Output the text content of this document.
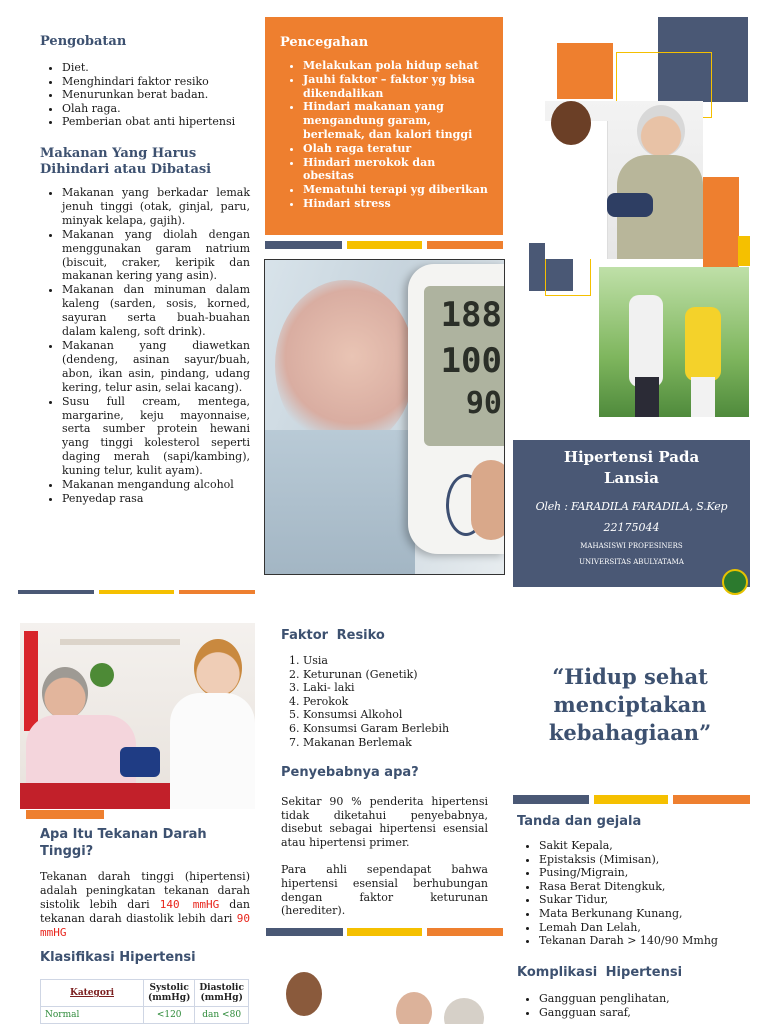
Pengobatan
• Diet.
• Menghindari faktor resiko
• Menurunkan berat badan.
• Olah raga.
• Pemberian obat anti hipertensi
Makanan Yang Harus
Dihindari atau Dibatasi
• Makanan yang berkadar lemak jenuh tinggi (otak, ginjal, paru, minyak kelapa, gajih).
• Makanan yang diolah dengan menggunakan garam natrium (biscuit, craker, keripik dan makanan kering yang asin).
• Makanan dan minuman dalam kaleng (sarden, sosis, korned, sayuran serta buah-buahan dalam kaleng, soft drink).
• Makanan yang diawetkan (dendeng, asinan sayur/buah, abon, ikan asin, pindang, udang kering, telur asin, selai kacang).
• Susu full cream, mentega, margarine, keju mayonnaise, serta sumber protein hewani yang tinggi kolesterol seperti daging merah (sapi/kambing), kuning telur, kulit ayam).
• Makanan mengandung alcohol
• Penyedap rasa
Pencegahan
• Melakukan pola hidup sehat
• Jauhi faktor – faktor yg bisa dikendalikan
• Hindari makanan yang mengandung garam, berlemak, dan kalori tinggi
• Olah raga teratur
• Hindari merokok dan obesitas
• Mematuhi terapi yg diberikan
• Hindari stress
188
100
90
Hipertensi Pada
Lansia
Oleh : FARADILA FARADILA, S.Kep
22175044
MAHASISWI PROFESINERS
UNIVERSITAS ABULYATAMA
Apa Itu Tekanan Darah
Tinggi?

Tekanan darah tinggi (hipertensi) adalah peningkatan tekanan darah sistolik lebih dari 140 mmHG dan tekanan darah diastolik lebih dari 90 mmHG

Klasifikasi Hipertensi
Kategori	Systolic (mmHg)	Diastolic (mmHg)
Normal	<120	dan <80
Faktor Resiko
1. Usia
2. Keturunan (Genetik)
3. Laki- laki
4. Perokok
5. Konsumsi Alkohol
6. Konsumsi Garam Berlebih
7. Makanan Berlemak
Penyebabnya apa?

Sekitar 90 % penderita hipertensi tidak diketahui penyebabnya, disebut sebagai hipertensi esensial atau hipertensi primer.

Para ahli sependapat bahwa hipertensi esensial berhubungan dengan faktor keturunan (herediter).

“Hidup sehat
menciptakan
kebahagiaan”
Tanda dan gejala
• Sakit Kepala,
• Epistaksis (Mimisan),
• Pusing/Migrain,
• Rasa Berat Ditengkuk,
• Sukar Tidur,
• Mata Berkunang Kunang,
• Lemah Dan Lelah,
• Tekanan Darah > 140/90 Mmhg
Komplikasi Hipertensi
• Gangguan penglihatan,
• Gangguan saraf,
